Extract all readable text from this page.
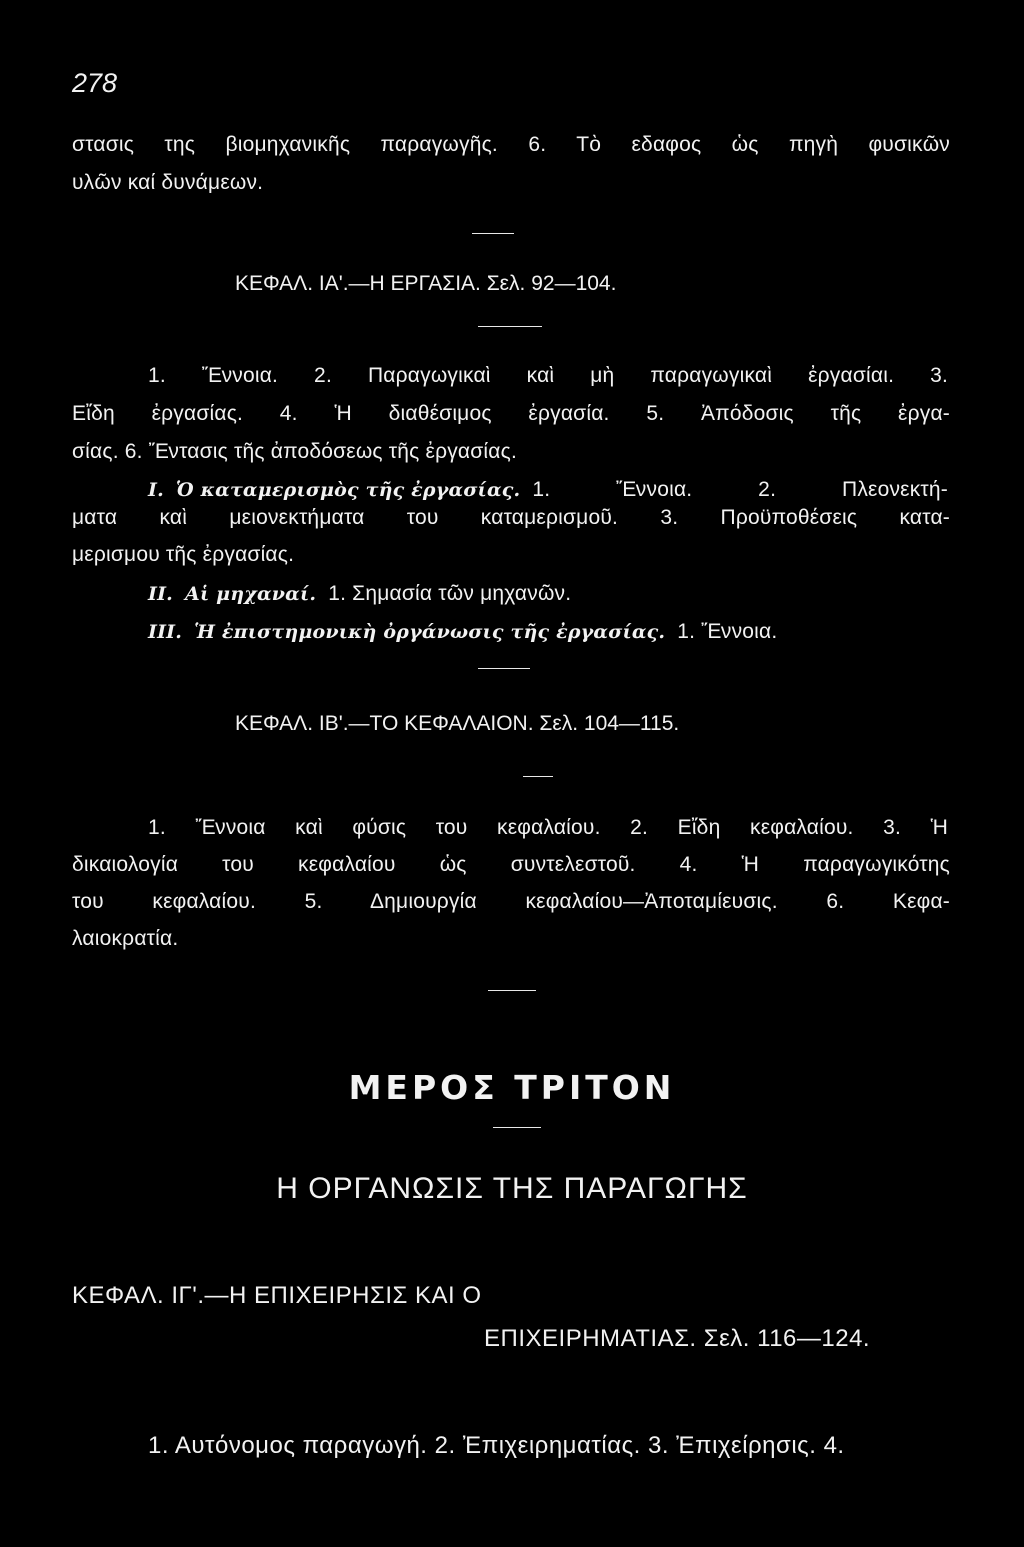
278
στασις της βιομηχανικῆς παραγωγῆς. 6. Τὸ εδαφος ὡς πηγὴ φυσικῶν
υλῶν καί δυνάμεων.
ΚΕΦΑΛ. ΙΑ'.—Η ΕΡΓΑΣΙΑ. Σελ. 92—104.
1. Ἔννοια. 2. Παραγωγικαὶ καὶ μὴ παραγωγικαὶ ἐργασίαι. 3.
Εἴδη ἐργασίας. 4. Ἡ διαθέσιμος ἐργασία. 5. Ἀπόδοσις τῆς ἐργα-
σίας. 6. Ἔντασις τῆς ἀποδόσεως τῆς ἐργασίας.
Ι. Ὁ καταμερισμὸς τῆς ἐργασίας. 1. Ἔννοια. 2. Πλεονεκτή-
ματα καὶ μειονεκτήματα του καταμερισμοῦ. 3. Προϋποθέσεις κατα-
μερισμου τῆς ἐργασίας.
ΙΙ. Αἱ μηχαναί. 1. Σημασία τῶν μηχανῶν.
ΙΙΙ. Ἡ ἐπιστημονικὴ ὀργάνωσις τῆς ἐργασίας. 1. Ἔννοια.
ΚΕΦΑΛ. ΙΒ'.—ΤΟ ΚΕΦΑΛΑΙΟΝ. Σελ. 104—115.
1. Ἔννοια καὶ φύσις του κεφαλαίου. 2. Εἴδη κεφαλαίου. 3. Ἡ
δικαιολογία του κεφαλαίου ὡς συντελεστοῦ. 4. Ἡ παραγωγικότης
του κεφαλαίου. 5. Δημιουργία κεφαλαίου—Ἀποταμίευσις. 6. Κεφα-
λαιοκρατία.
ΜΕΡΟΣ ΤΡΙΤΟΝ
Η ΟΡΓΑΝΩΣΙΣ ΤΗΣ ΠΑΡΑΓΩΓΗΣ
ΚΕΦΑΛ. ΙΓ'.—Η ΕΠΙΧΕΙΡΗΣΙΣ ΚΑΙ Ο
ΕΠΙΧΕΙΡΗΜΑΤΙΑΣ. Σελ. 116—124.
1. Αυτόνομος παραγωγή. 2. Ἐπιχειρηματίας. 3. Ἐπιχείρησις. 4.
